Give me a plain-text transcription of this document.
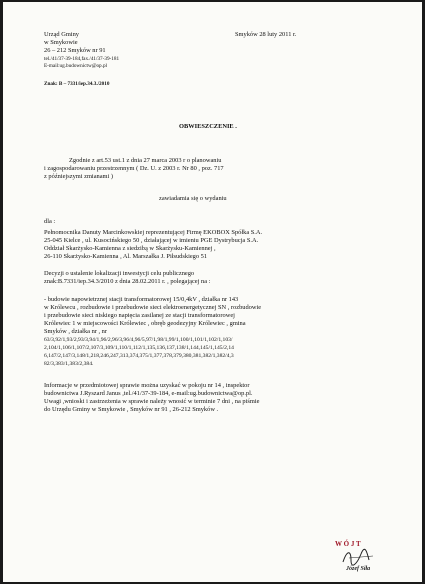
Urząd Gminy
w Smykowie
26 – 212 Smyków nr 91
tel./41/37-39-184,fax./41/37-39-181
E-mail:ug.budownictw@op.pl
Smyków 28 luty 2011 r.
Znak: B – 7331/iep.34.3./2010
OBWIESZCZENIE .
Zgodnie z art.53 ust.1 z dnia 27 marca 2003 r o planowaniu
i zagospodarowaniu przestrzennym ( Dz. U. z 2003 r. Nr 80 , poz. 717
z późniejszymi zmianami )
zawiadamia się o wydaniu
dla :
Pełnomocnika Danuty Marcinkowskiej reprezentującej Firmę EKOBOX Spółka S.A.
25-045 Kielce , ul. Kusocińskiego 50 , działającej w imieniu PGE Dystrybucja S.A.
Oddział Skarżysko-Kamienna z siedzibą w Skarżysku-Kamiennej ,
26-110 Skarżysko-Kamienna , Al. Marszałka J. Piłsudskiego 51
Decyzji o ustalenie lokalizacji inwestycji celu publicznego
znak:B.7331/iep.34.3/2010 z dnia 28.02.2011 r. , polegającej na :
- budowie napowietrznej stacji transformatorowej 15/0,4kV , działka nr 143
w Królewcu , rozbudowie i przebudowie sieci elektroenergetycznej SN , rozbudowie
i przebudowie sieci niskiego napięcia zasilanej ze stacji transformatorowej
Królewiec 1 w miejscowości Królewiec , obręb geodezyjny Królewiec , gmina
Smyków , działka nr , nr
63/3,92/1,93/2,93/3,94/1,96/2,96/3,96/4,96/5,97/1,98/1,99/1,100/1,101/1,102/1,103/
2,104/1,106/1,107/2,107/3,109/1,110/1,112/1,135,136,137,138/1,144,145/1,145/2,14
6,147/2,147/3,148/1,218,246,247,313,374,375/1,377,378,379,380,381,382/1,382/4,3
82/3,383/1,383/2,384.
Informacje w przedmiotowej sprawie można uzyskać w pokoju nr 14 , inspektor
budownictwa J.Ryszard Janus ,tel./41/37-39-184, e-mail:ug.budownictwa@op.pl.
Uwagi ,wnioski i zastrzeżenia w sprawie należy wnosić w terminie 7 dni , na piśmie
do Urzędu Gminy w Smykowie , Smyków nr 91 , 26-212 Smyków .
W Ó J T
Józef Siła
